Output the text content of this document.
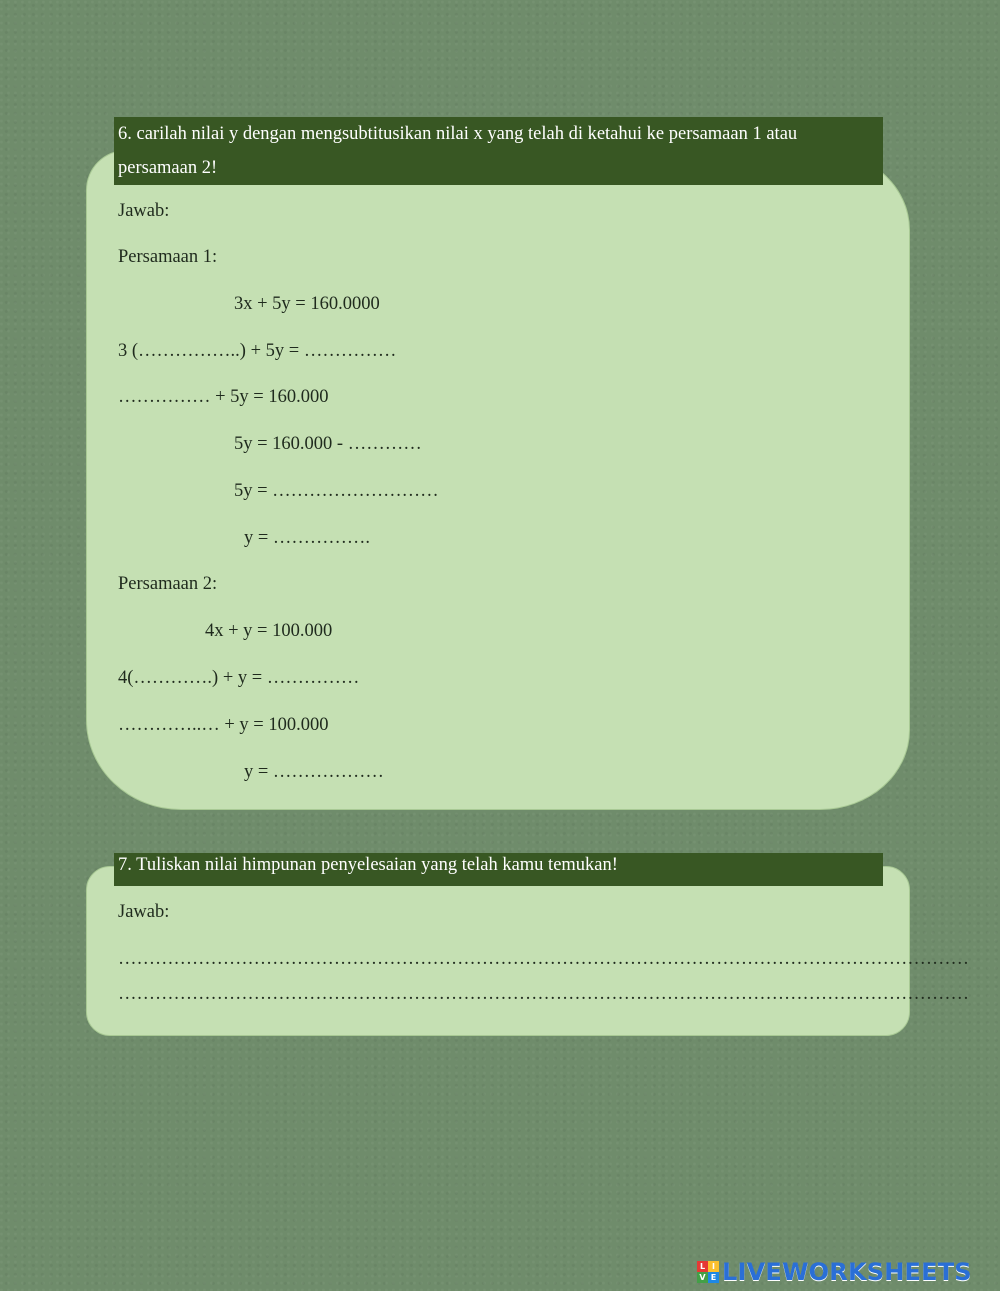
6. carilah nilai y dengan mengsubtitusikan nilai x yang telah di ketahui ke persamaan 1 atau
persamaan 2!
Jawab:
Persamaan 1:
3x + 5y = 160.0000
3 (……………..) + 5y = ……………
…………… + 5y = 160.000
5y = 160.000 - …………
5y = ………………………
y = …………….
Persamaan 2:
4x + y = 100.000
4(………….) + y = ……………
…………..… + y = 100.000
y = ………………
7. Tuliskan nilai himpunan penyelesaian yang telah kamu temukan!
Jawab:
…………………………………………………………………………………………………………………………
…………………………………………………………………………………………………………………………
L I
V E LIVEWORKSHEETS
